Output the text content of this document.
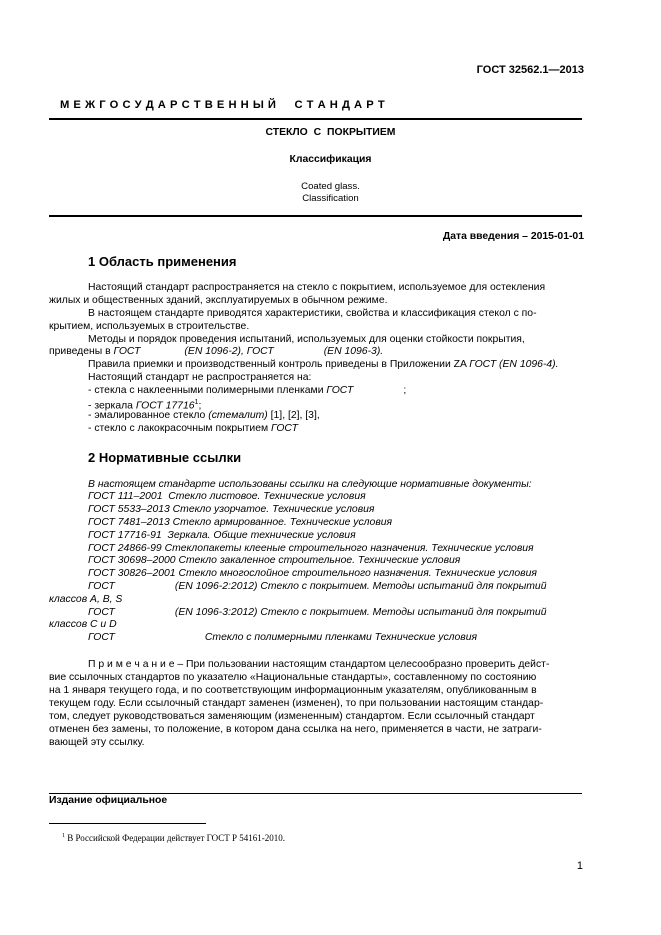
ГОСТ 32562.1—2013
М Е Ж Г О С У Д А Р С Т В Е Н Н Ы Й     С Т А Н Д А Р Т
СТЕКЛО С ПОКРЫТИЕМ
Классификация
Coated glass.
Classification
Дата введения – 2015-01-01
1 Область применения
Настоящий стандарт распространяется на стекло с покрытием, используемое для остекления
жилых и общественных зданий, эксплуатируемых в обычном режиме.
В настоящем стандарте приводятся характеристики, свойства и классификация стекол с по-
крытием, используемых в строительстве.
Методы и порядок проведения испытаний, используемых для оценки стойкости покрытия,
приведены в ГОСТ	(EN 1096-2), ГОСТ	(EN 1096-3).
Правила приемки и производственный контроль приведены в Приложении ZA ГОСТ (EN 1096-4).
Настоящий стандарт не распространяется на:
- стекла с наклеенными полимерными пленками ГОСТ	;
- зеркала ГОСТ 17716$^1$;
- эмалированное стекло (стемалит) [1], [2], [3],
- стекло с лакокрасочным покрытием ГОСТ
2 Нормативные ссылки
В настоящем стандарте использованы ссылки на следующие нормативные документы:
ГОСТ 111–2001  Стекло листовое. Технические условия
ГОСТ 5533–2013 Стекло узорчатое. Технические условия
ГОСТ 7481–2013 Стекло армированное. Технические условия
ГОСТ 17716-91  Зеркала. Общие технические условия
ГОСТ 24866-99 Стеклопакеты клееные строительного назначения. Технические условия
ГОСТ 30698–2000 Стекло закаленное строительное. Технические условия
ГОСТ 30826–2001 Стекло многослойное строительного назначения. Технические условия
ГОСТ	(EN 1096-2:2012) Стекло с покрытием. Методы испытаний для покрытий
классов A, B, S
ГОСТ	(EN 1096-3:2012) Стекло с покрытием. Методы испытаний для покрытий
классов C и D
ГОСТ	Стекло с полимерными пленками Технические условия
П р и м е ч а н и е – При пользовании настоящим стандартом целесообразно проверить дейст-
вие ссылочных стандартов по указателю «Национальные стандарты», составленному по состоянию
на 1 января текущего года, и по соответствующим информационным указателям, опубликованным в
текущем году. Если ссылочный стандарт заменен (изменен), то при пользовании настоящим стандар-
том, следует руководствоваться заменяющим (измененным) стандартом. Если ссылочный стандарт
отменен без замены, то положение, в котором дана ссылка на него, применяется в части, не затраги-
вающей эту ссылку.
Издание официальное
$^1$ В Российской Федерации действует ГОСТ Р 54161-2010.
1
